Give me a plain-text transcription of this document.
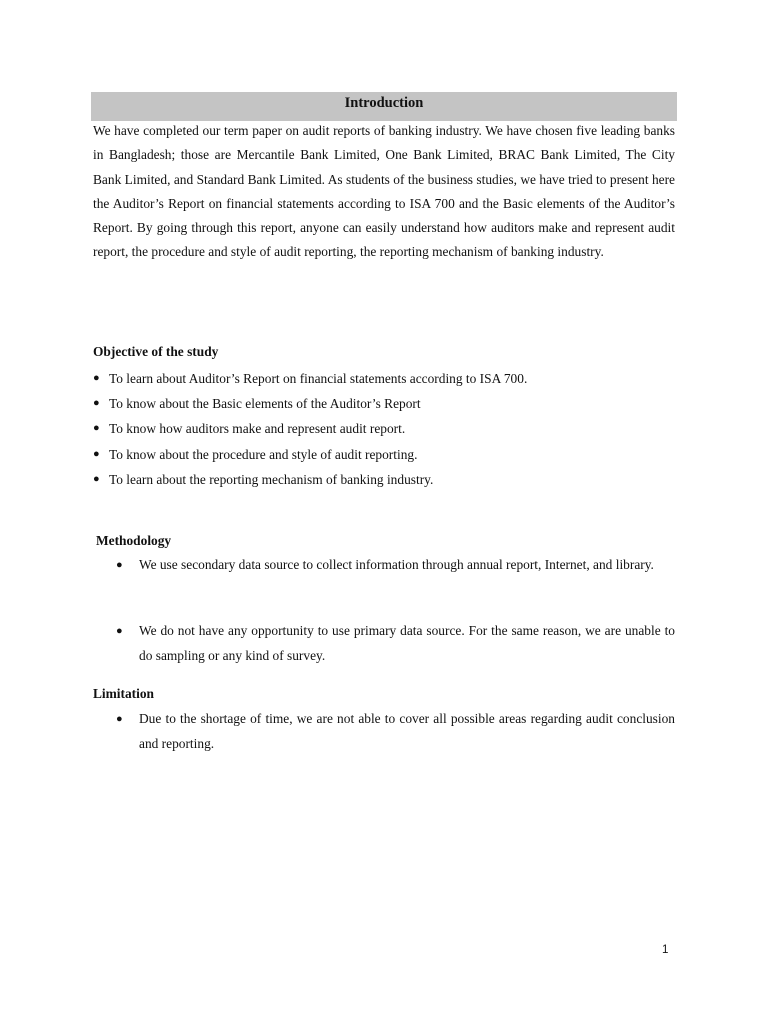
Introduction

We have completed our term paper on audit reports of banking industry. We have chosen five leading banks in Bangladesh; those are Mercantile Bank Limited, One Bank Limited, BRAC Bank Limited, The City Bank Limited, and Standard Bank Limited. As students of the business studies, we have tried to present here the Auditor’s Report on financial statements according to ISA 700 and the Basic elements of the Auditor’s Report. By going through this report, anyone can easily understand how auditors make and represent audit report, the procedure and style of audit reporting, the reporting mechanism of banking industry.

Objective of the study

● To learn about Auditor’s Report on financial statements according to ISA 700.
● To know about the Basic elements of the Auditor’s Report
● To know how auditors make and represent audit report.
● To know about the procedure and style of audit reporting.
● To learn about the reporting mechanism of banking industry.

Methodology

● We use secondary data source to collect information through annual report, Internet, and library.
● We do not have any opportunity to use primary data source. For the same reason, we are unable to do sampling or any kind of survey.

Limitation

● Due to the shortage of time, we are not able to cover all possible areas regarding audit conclusion and reporting.
1
